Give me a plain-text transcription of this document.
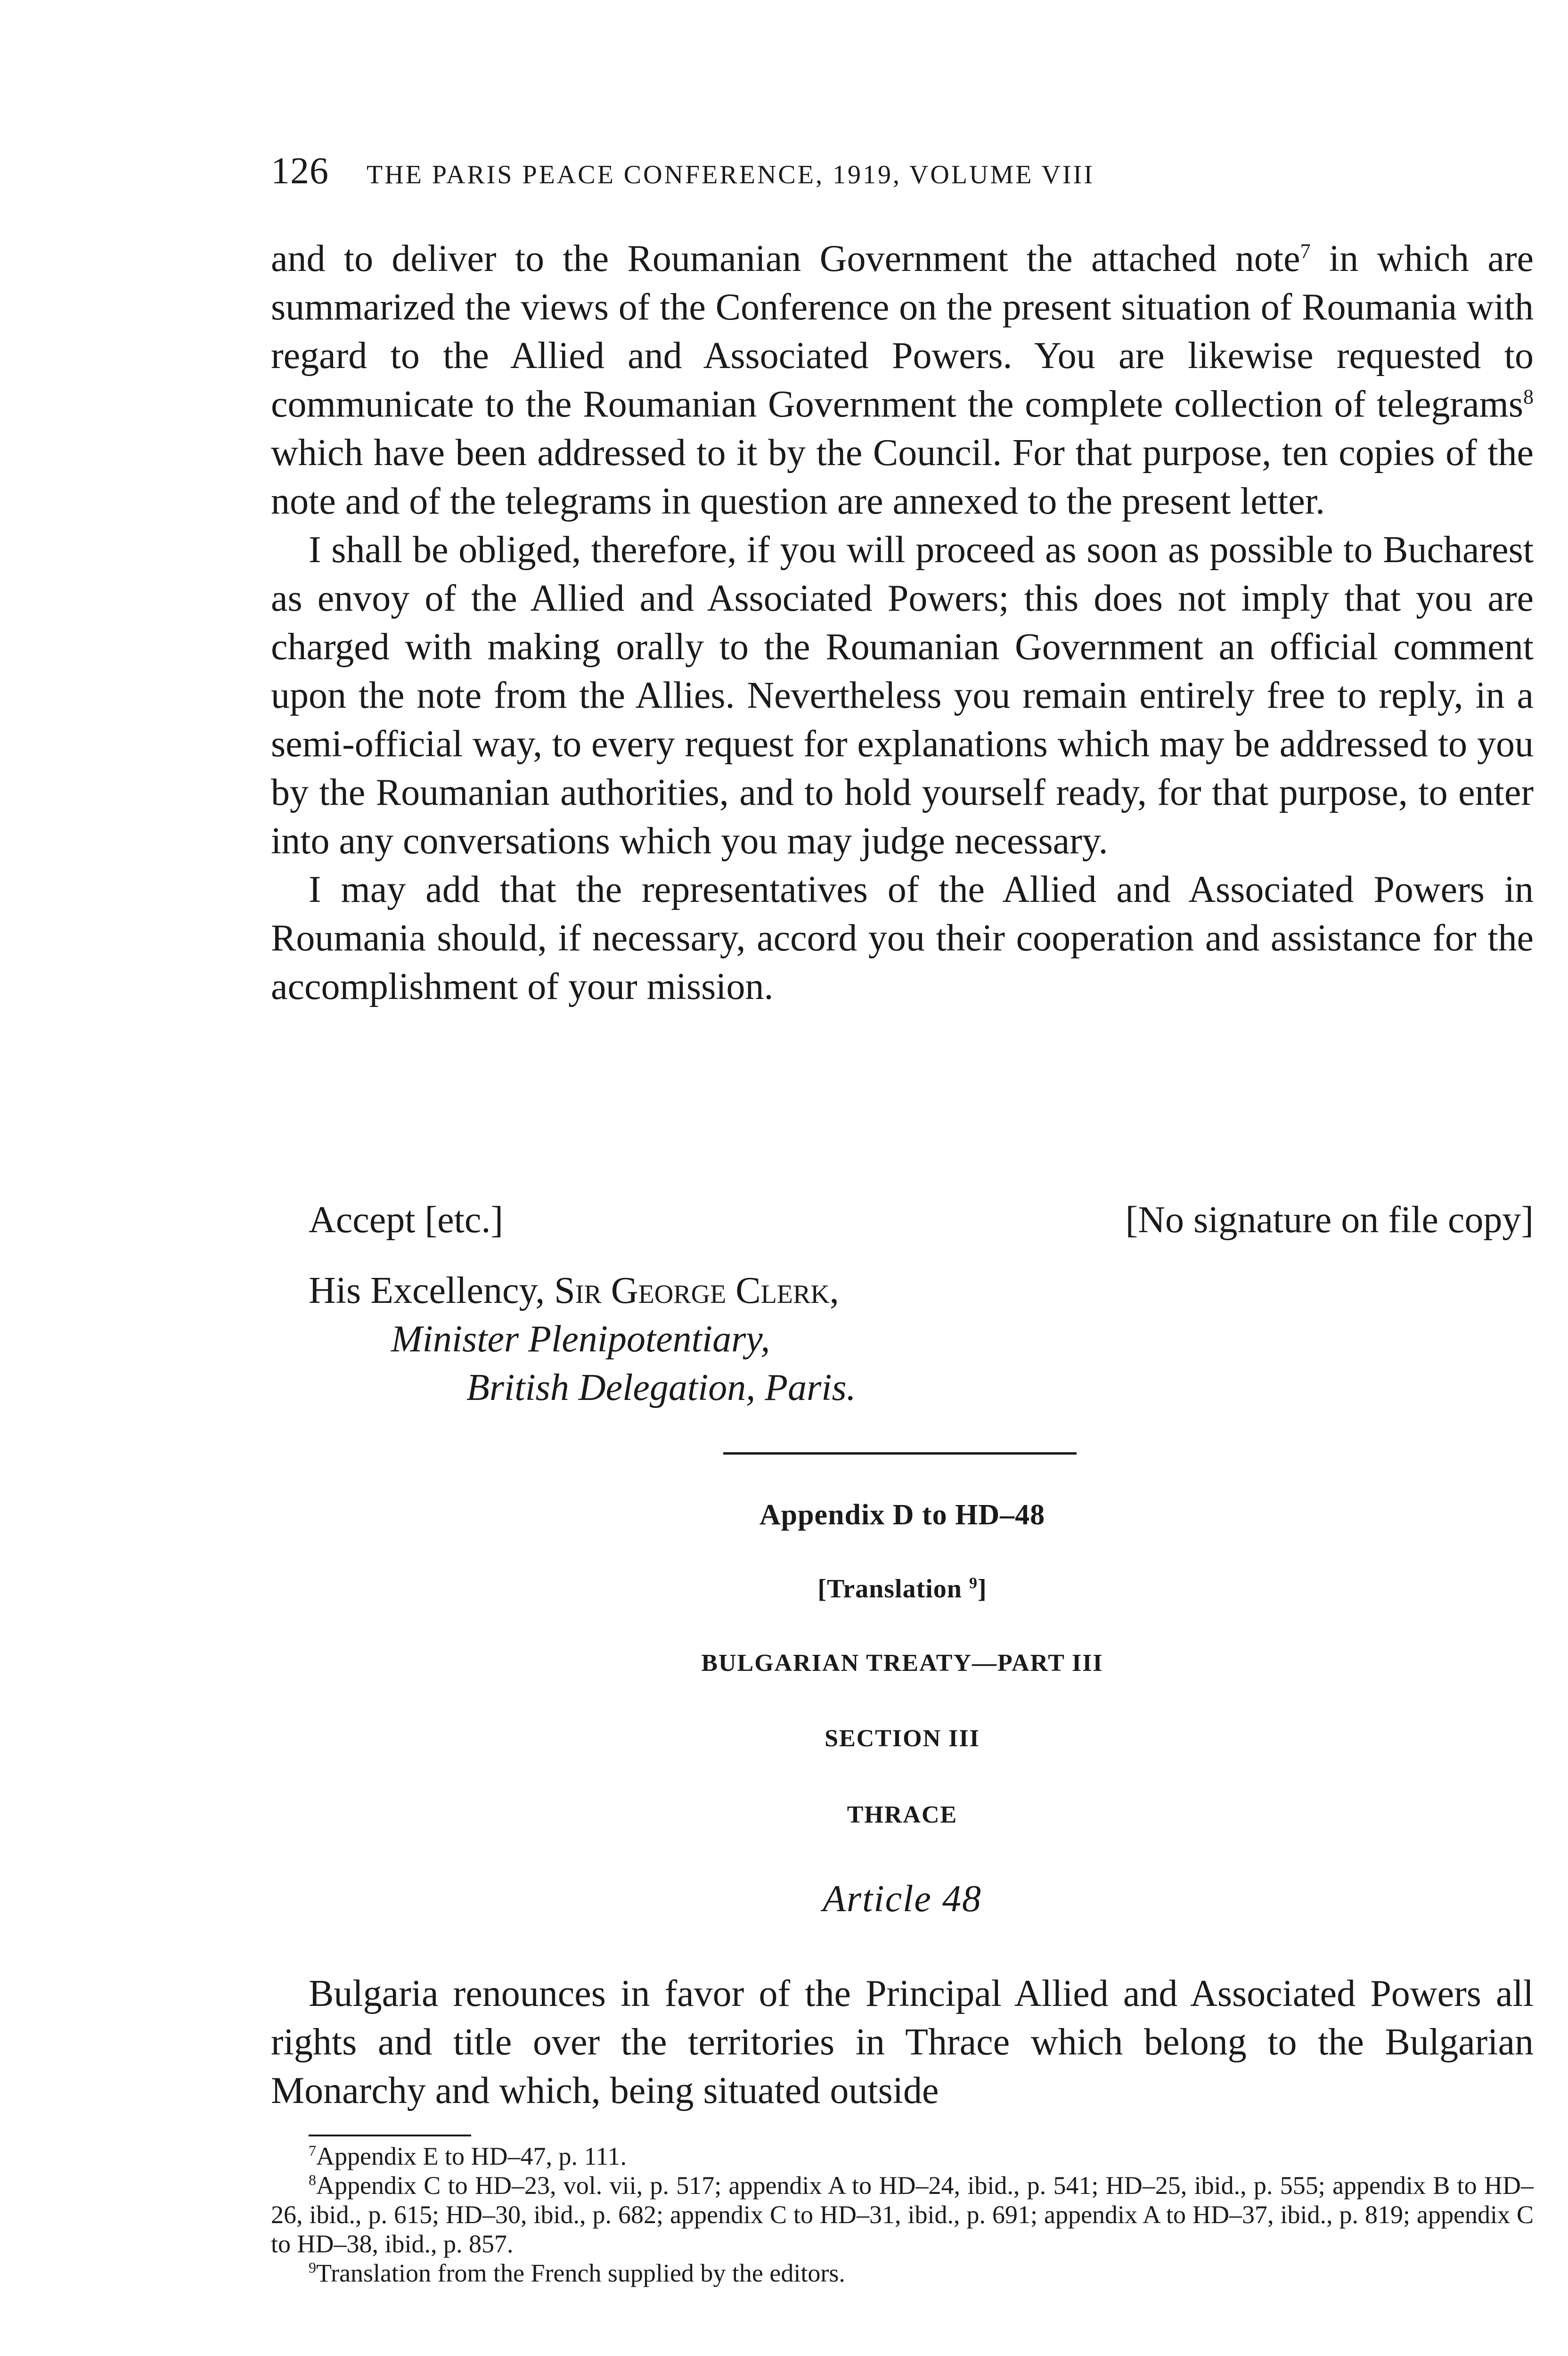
126 THE PARIS PEACE CONFERENCE, 1919, VOLUME VIII

and to deliver to the Roumanian Government the attached note$^7$ in which are summarized the views of the Conference on the present situation of Roumania with regard to the Allied and Associated Powers. You are likewise requested to communicate to the Roumanian Government the complete collection of telegrams$^8$ which have been addressed to it by the Council. For that purpose, ten copies of the note and of the telegrams in question are annexed to the present letter.

I shall be obliged, therefore, if you will proceed as soon as possible to Bucharest as envoy of the Allied and Associated Powers; this does not imply that you are charged with making orally to the Roumanian Government an official comment upon the note from the Allies. Nevertheless you remain entirely free to reply, in a semi-official way, to every request for explanations which may be addressed to you by the Roumanian authorities, and to hold yourself ready, for that purpose, to enter into any conversations which you may judge necessary.

I may add that the representatives of the Allied and Associated Powers in Roumania should, if necessary, accord you their cooperation and assistance for the accomplishment of your mission.

Accept [etc.]	[No signature on file copy]
His Excellency, Sir George Clerk,
Minister Plenipotentiary,
British Delegation, Paris.
Appendix D to HD–48
[Translation $^9$]
BULGARIAN TREATY—PART III
SECTION III
THRACE
Article 48

Bulgaria renounces in favor of the Principal Allied and Associated Powers all rights and title over the territories in Thrace which belong to the Bulgarian Monarchy and which, being situated outside

$^7$Appendix E to HD–47, p. 111.

$^8$Appendix C to HD–23, vol. vii, p. 517; appendix A to HD–24, ibid., p. 541; HD–25, ibid., p. 555; appendix B to HD–26, ibid., p. 615; HD–30, ibid., p. 682; appendix C to HD–31, ibid., p. 691; appendix A to HD–37, ibid., p. 819; appendix C to HD–38, ibid., p. 857.

$^9$Translation from the French supplied by the editors.
